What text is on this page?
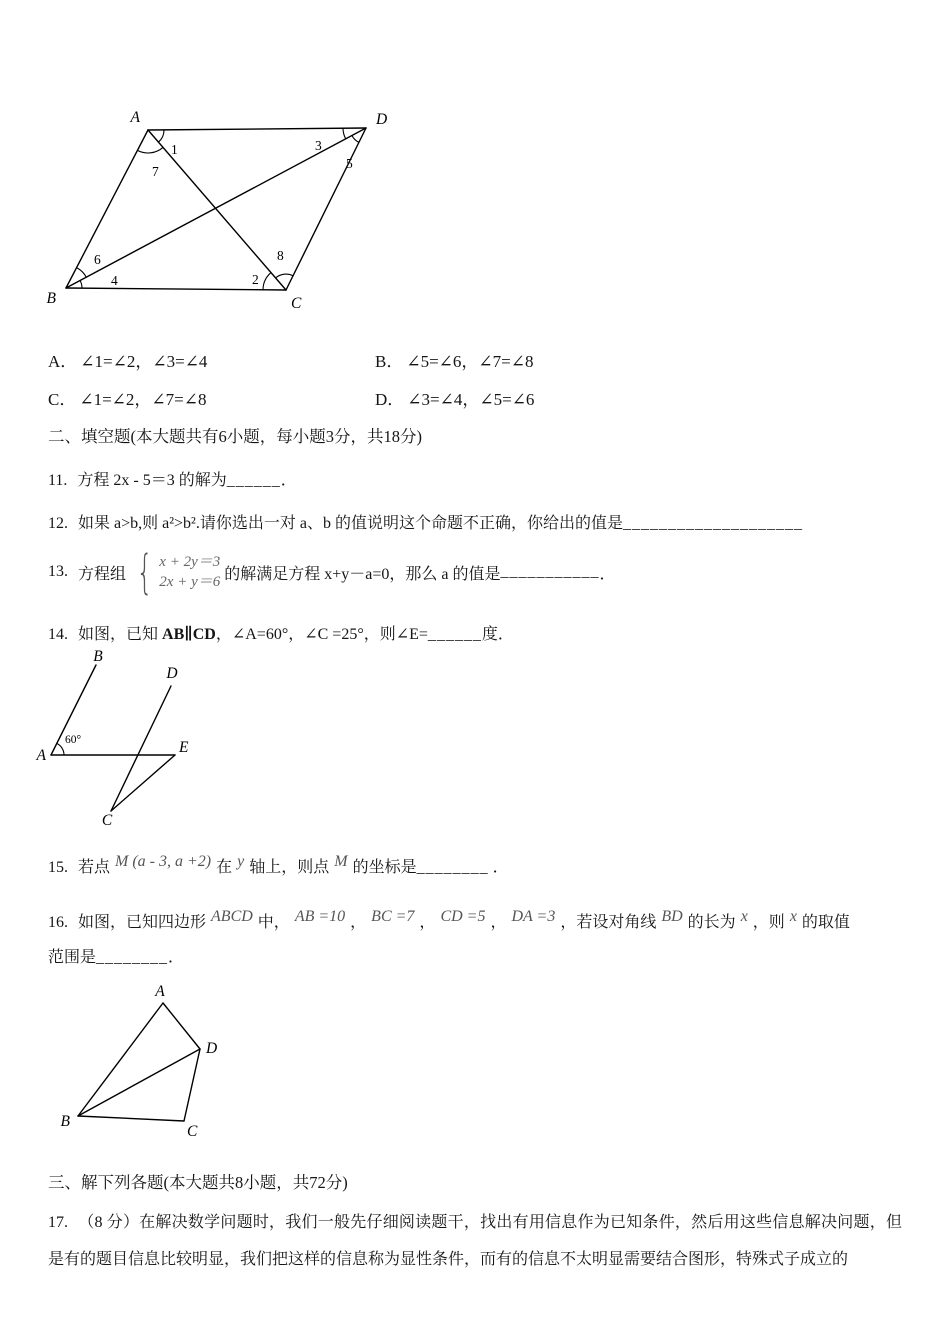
A	D
B	C
1
7
3
5
6
4
8
2
A． ∠1=∠2，∠3=∠4	B． ∠5=∠6，∠7=∠8
C． ∠1=∠2，∠7=∠8	D． ∠3=∠4，∠5=∠6
二、填空题(本大题共有6小题，每小题3分，共18分)
11. 方程 2x - 5＝3 的解为______．
12. 如果 a>b,则 a²>b².请你选出一对 a、b 的值说明这个命题不正确，你给出的值是____________________
13. 方程组 { x + 2y＝3
2x + y＝6 的解满足方程 x+y－a=0，那么 a 的值是 ___________ ．
14. 如图，已知 AB∥CD，∠A=60°，∠C =25°，则∠E=______度．
60°
A
B
D
E
C
15. 若点 M (a - 3, a +2) 在 y 轴上，则点 M 的坐标是________ ．
16. 如图，已知四边形 ABCD 中， AB =10 ， BC =7 ， CD =5 ， DA =3 ，若设对角线 BD 的长为 x ，则 x 的取值
范围是________．
A
D
B
C
三、解下列各题(本大题共8小题，共72分)
17. （8 分）在解决数学问题时，我们一般先仔细阅读题干，找出有用信息作为已知条件，然后用这些信息解决问题，但是有的题目信息比较明显，我们把这样的信息称为显性条件，而有的信息不太明显需要结合图形，特殊式子成立的
